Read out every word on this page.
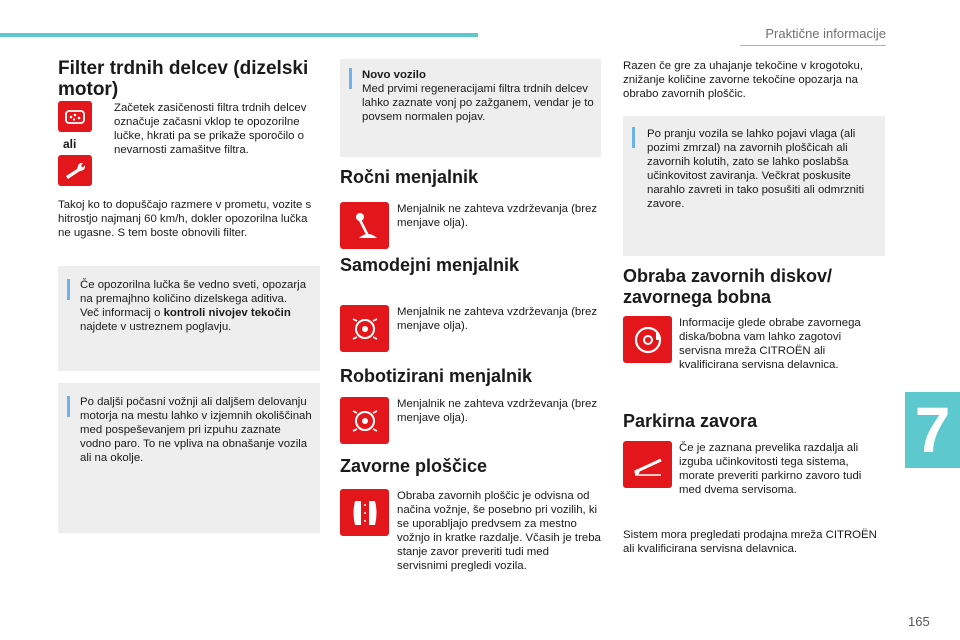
Praktične informacije
7
165
Filter trdnih delcev (dizelski motor)
ali
Začetek zasičenosti filtra trdnih delcev označuje začasni vklop te opozorilne lučke, hkrati pa se prikaže sporočilo o nevarnosti zamašitve filtra.
Takoj ko to dopuščajo razmere v prometu, vozite s hitrostjo najmanj 60 km/h, dokler opozorilna lučka ne ugasne. S tem boste obnovili filter.

Če opozorilna lučka še vedno sveti, opozarja na premajhno količino dizelskega aditiva.

Več informacij o kontroli nivojev tekočin najdete v ustreznem poglavju.

Po daljši počasni vožnji ali daljšem delovanju motorja na mestu lahko v izjemnih okoliščinah med pospeševanjem pri izpuhu zaznate vodno paro. To ne vpliva na obnašanje vozila ali na okolje.

Novo vozilo

Med prvimi regeneracijami filtra trdnih delcev lahko zaznate vonj po zažganem, vendar je to povsem normalen pojav.

Ročni menjalnik
Menjalnik ne zahteva vzdrževanja (brez menjave olja).
Samodejni menjalnik
Menjalnik ne zahteva vzdrževanja (brez menjave olja).
Robotizirani menjalnik
Menjalnik ne zahteva vzdrževanja (brez menjave olja).
Zavorne ploščice
Obraba zavornih ploščic je odvisna od načina vožnje, še posebno pri vozilih, ki se uporabljajo predvsem za mestno vožnjo in kratke razdalje. Včasih je treba stanje zavor preveriti tudi med servisnimi pregledi vozila.
Razen če gre za uhajanje tekočine v krogotoku, znižanje količine zavorne tekočine opozarja na obrabo zavornih ploščic.
Po pranju vozila se lahko pojavi vlaga (ali pozimi zmrzal) na zavornih ploščicah ali zavornih kolutih, zato se lahko poslabša učinkovitost zaviranja. Večkrat poskusite narahlo zavreti in tako posušiti ali odmrzniti zavore.
Obraba zavornih diskov/ zavornega bobna
Informacije glede obrabe zavornega diska/bobna vam lahko zagotovi servisna mreža CITROËN ali kvalificirana servisna delavnica.
Parkirna zavora
Če je zaznana prevelika razdalja ali izguba učinkovitosti tega sistema, morate preveriti parkirno zavoro tudi med dvema servisoma.
Sistem mora pregledati prodajna mreža CITROËN ali kvalificirana servisna delavnica.
